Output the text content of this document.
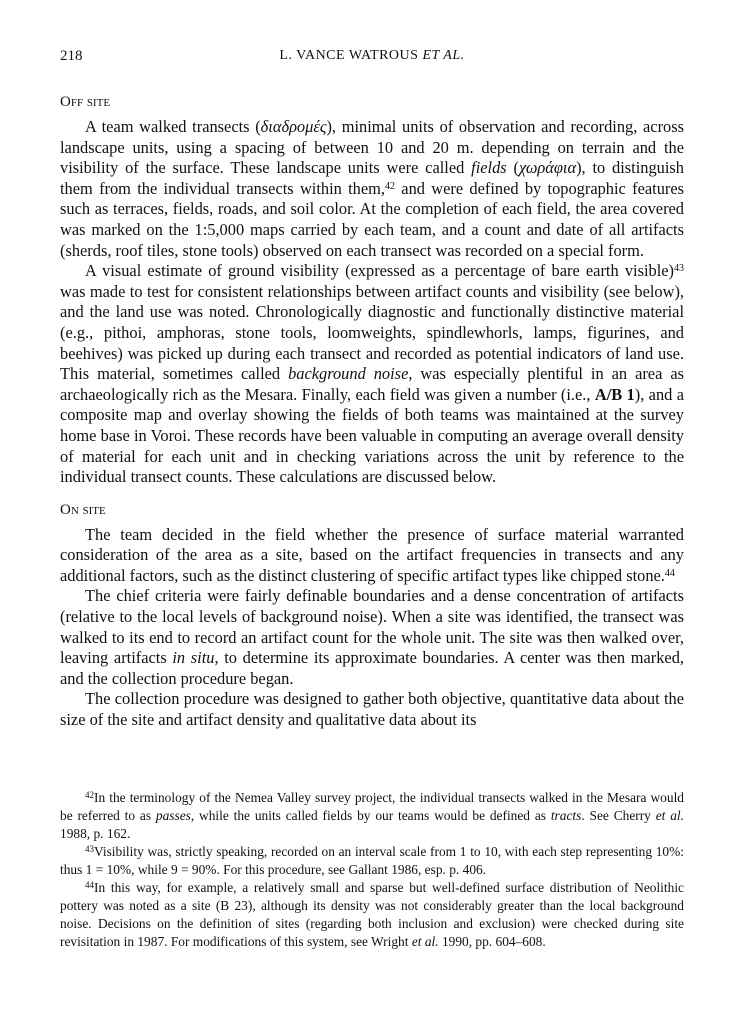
218	L. VANCE WATROUS ET AL.
Off site

A team walked transects (διαδρομές), minimal units of observation and recording, across landscape units, using a spacing of between 10 and 20 m. depending on terrain and the visibility of the surface. These landscape units were called fields (χωράφια), to distinguish them from the individual transects within them,$^{42}$ and were defined by topographic features such as terraces, fields, roads, and soil color. At the completion of each field, the area covered was marked on the 1:5,000 maps carried by each team, and a count and date of all artifacts (sherds, roof tiles, stone tools) observed on each transect was recorded on a special form.

A visual estimate of ground visibility (expressed as a percentage of bare earth visible)$^{43}$ was made to test for consistent relationships between artifact counts and visibility (see below), and the land use was noted. Chronologically diagnostic and functionally distinctive material (e.g., pithoi, amphoras, stone tools, loomweights, spindlewhorls, lamps, figurines, and beehives) was picked up during each transect and recorded as potential indicators of land use. This material, sometimes called background noise, was especially plentiful in an area as archaeologically rich as the Mesara. Finally, each field was given a number (i.e., A/B 1), and a composite map and overlay showing the fields of both teams was maintained at the survey home base in Voroi. These records have been valuable in computing an average overall density of material for each unit and in checking variations across the unit by reference to the individual transect counts. These calculations are discussed below.

On site

The team decided in the field whether the presence of surface material warranted consideration of the area as a site, based on the artifact frequencies in transects and any additional factors, such as the distinct clustering of specific artifact types like chipped stone.$^{44}$

The chief criteria were fairly definable boundaries and a dense concentration of artifacts (relative to the local levels of background noise). When a site was identified, the transect was walked to its end to record an artifact count for the whole unit. The site was then walked over, leaving artifacts in situ, to determine its approximate boundaries. A center was then marked, and the collection procedure began.

The collection procedure was designed to gather both objective, quantitative data about the size of the site and artifact density and qualitative data about its

$^{42}$In the terminology of the Nemea Valley survey project, the individual transects walked in the Mesara would be referred to as passes, while the units called fields by our teams would be defined as tracts. See Cherry et al. 1988, p. 162.

$^{43}$Visibility was, strictly speaking, recorded on an interval scale from 1 to 10, with each step representing 10%: thus 1 = 10%, while 9 = 90%. For this procedure, see Gallant 1986, esp. p. 406.

$^{44}$In this way, for example, a relatively small and sparse but well-defined surface distribution of Neolithic pottery was noted as a site (B 23), although its density was not considerably greater than the local background noise. Decisions on the definition of sites (regarding both inclusion and exclusion) were checked during site revisitation in 1987. For modifications of this system, see Wright et al. 1990, pp. 604–608.
